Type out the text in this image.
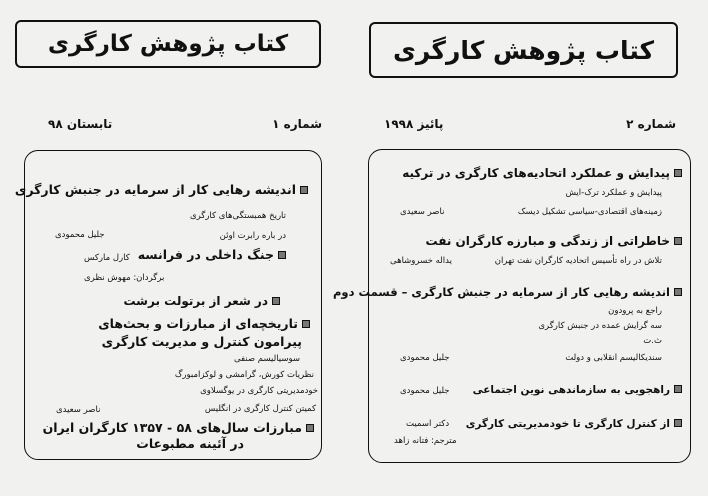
کتاب پژوهش کارگری
شماره ۱
تابستان ۹۸
اندیشه رهایی کار از سرمایه در جنبش کارگری
تاریخ همبستگی‌های کارگری
جلیل محمودی	در باره رابرت اوئن
کارل مارکس جنگ داخلی در فرانسه
برگردان: مهوش نظری
در شعر از برتولت برشت
تاریخچه‌ای از مبارزات و بحث‌های
پیرامون کنترل و مدیریت کارگری
سوسیالیسم صنفی
نظریات کورش، گرامشی و لوکزامبورگ
خودمدیریتی کارگری در یوگسلاوی
کمیتن کنترل کارگری در انگلیس
ناصر سعیدی
مبارزات سال‌های ۵۸ - ۱۳۵۷ کارگران ایران
در آئینه مطبوعات
کتاب پژوهش کارگری
شماره ۲
پائیز ۱۹۹۸
پیدایش و عملکرد اتحادیه‌های کارگری در ترکیه
پیدایش و عملکرد ترک-ایش
زمینه‌های اقتصادی-سیاسی تشکیل دیسک
ناصر سعیدی
خاطراتی از زندگی و مبارزه کارگران نفت
تلاش در راه تأسیس اتحادیه کارگران نفت تهران
یداله خسروشاهی
اندیشه رهایی کار از سرمایه در جنبش کارگری – قسمت دوم
راجع به پرودون
سه گرایش عمده در جنبش کارگری
ث.ت
سندیکالیسم انقلابی و دولت
جلیل محمودی
راهجویی به سازماندهی نوین اجتماعی
جلیل محمودی
از کنترل کارگری تا خودمدیریتی کارگری
دکتر اسمیت
مترجم: فتانه زاهد
